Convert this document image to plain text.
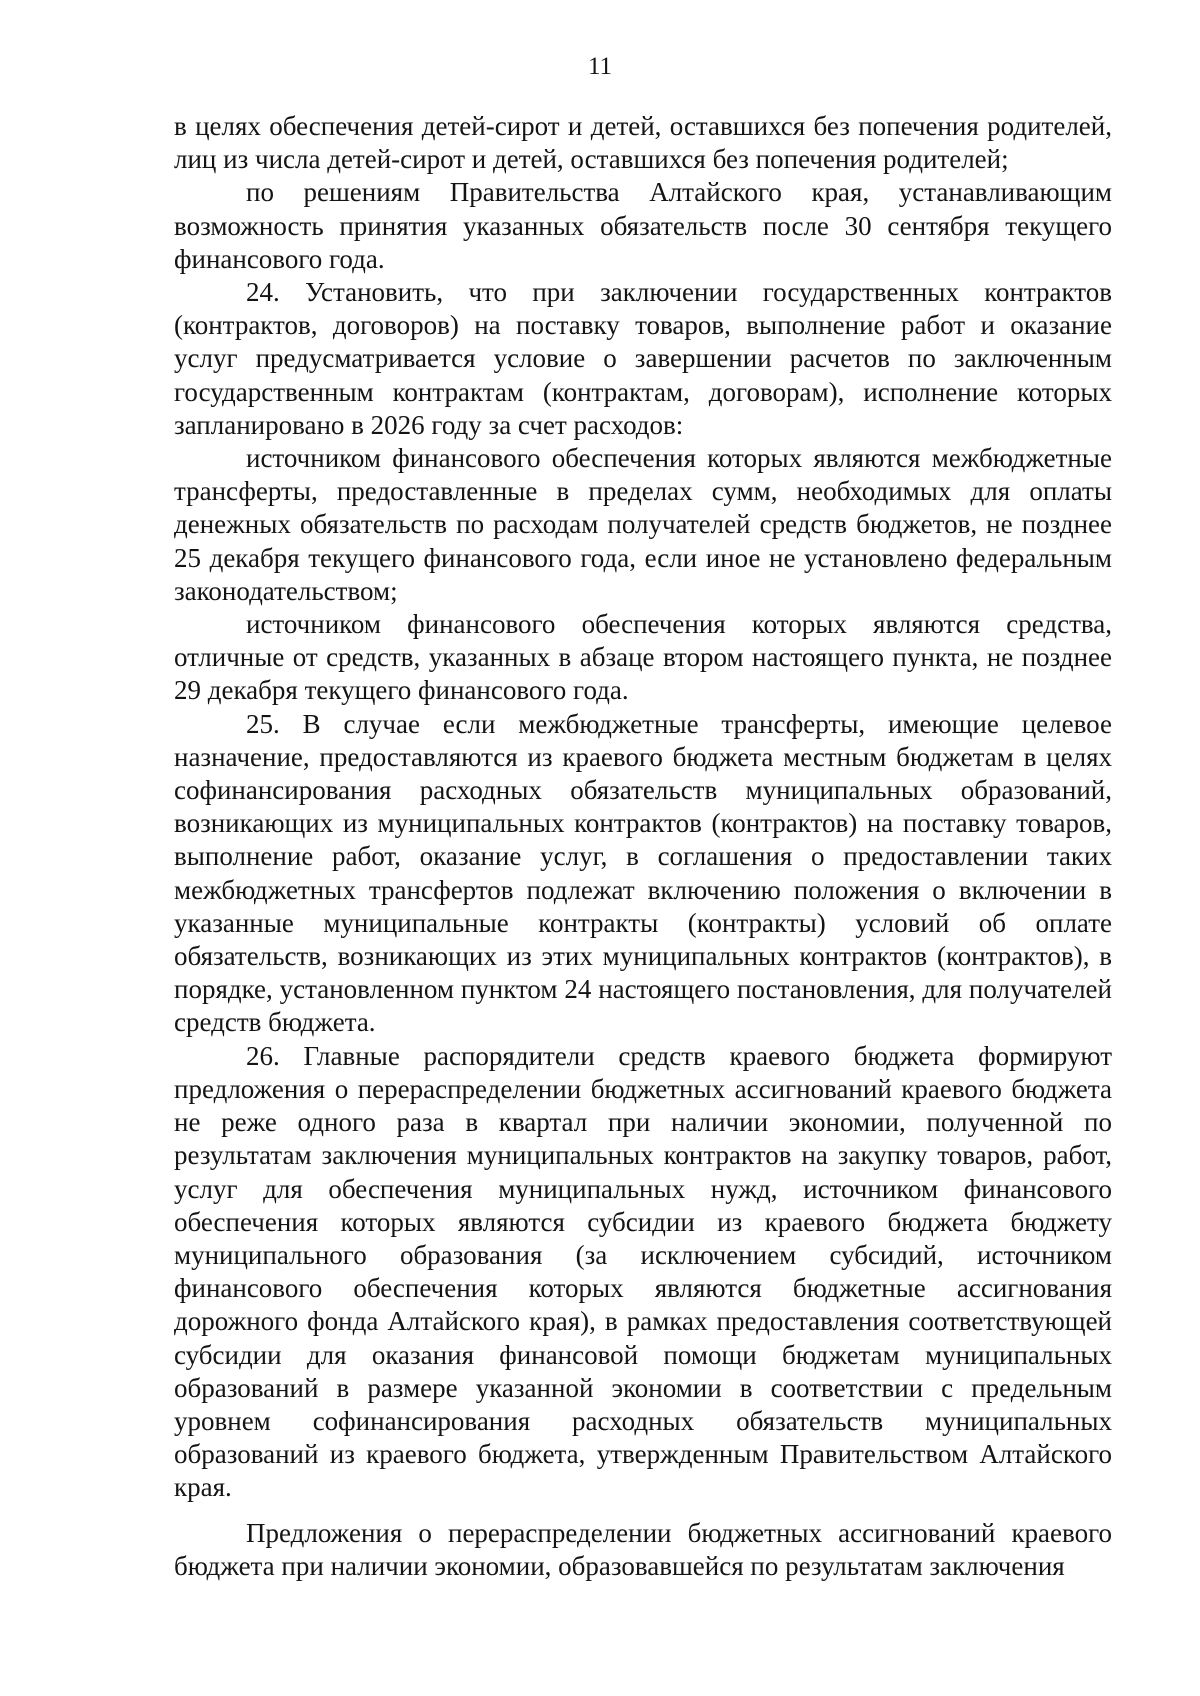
11

в целях обеспечения детей-сирот и детей, оставшихся без попечения родителей, лиц из числа детей-сирот и детей, оставшихся без попечения родителей;

по решениям Правительства Алтайского края, устанавливающим возможность принятия указанных обязательств после 30 сентября текущего финансового года.

24. Установить, что при заключении государственных контрактов (контрактов, договоров) на поставку товаров, выполнение работ и оказание услуг предусматривается условие о завершении расчетов по заключенным государственным контрактам (контрактам, договорам), исполнение которых запланировано в 2026 году за счет расходов:

источником финансового обеспечения которых являются межбюджетные трансферты, предоставленные в пределах сумм, необходимых для оплаты денежных обязательств по расходам получателей средств бюджетов, не позднее 25 декабря текущего финансового года, если иное не установлено федеральным законодательством;

источником финансового обеспечения которых являются средства, отличные от средств, указанных в абзаце втором настоящего пункта, не позднее 29 декабря текущего финансового года.

25. В случае если межбюджетные трансферты, имеющие целевое назначение, предоставляются из краевого бюджета местным бюджетам в целях софинансирования расходных обязательств муниципальных образований, возникающих из муниципальных контрактов (контрактов) на поставку товаров, выполнение работ, оказание услуг, в соглашения о предоставлении таких межбюджетных трансфертов подлежат включению положения о включении в указанные муниципальные контракты (контракты) условий об оплате обязательств, возникающих из этих муниципальных контрактов (контрактов), в порядке, установленном пунктом 24 настоящего постановления, для получателей средств бюджета.

26. Главные распорядители средств краевого бюджета формируют предложения о перераспределении бюджетных ассигнований краевого бюджета не реже одного раза в квартал при наличии экономии, полученной по результатам заключения муниципальных контрактов на закупку товаров, работ, услуг для обеспечения муниципальных нужд, источником финансового обеспечения которых являются субсидии из краевого бюджета бюджету муниципального образования (за исключением субсидий, источником финансового обеспечения которых являются бюджетные ассигнования дорожного фонда Алтайского края), в рамках предоставления соответствующей субсидии для оказания финансовой помощи бюджетам муниципальных образований в размере указанной экономии в соответствии с предельным уровнем софинансирования расходных обязательств муниципальных образований из краевого бюджета, утвержденным Правительством Алтайского края.

Предложения о перераспределении бюджетных ассигнований краевого бюджета при наличии экономии, образовавшейся по результатам заключения
